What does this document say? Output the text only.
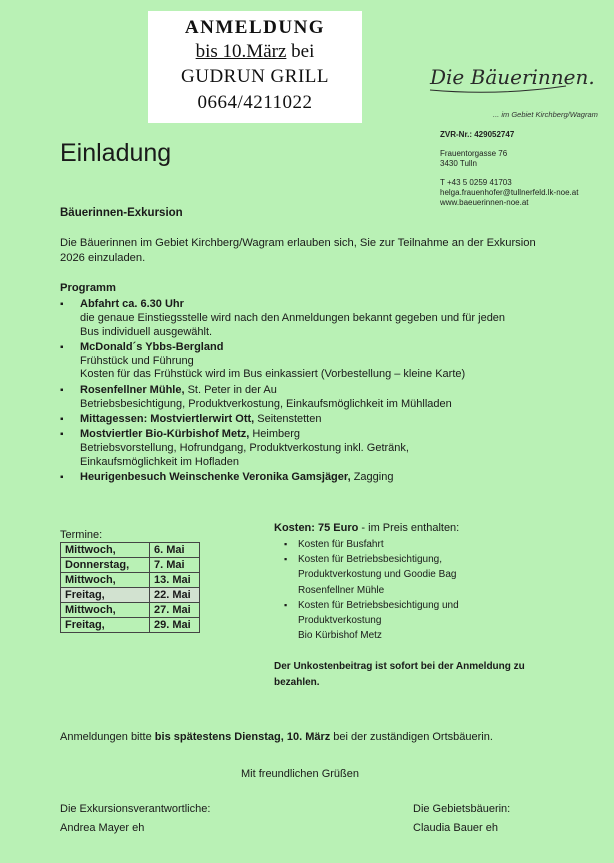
ANMELDUNG
bis 10.März bei
GUDRUN GRILL
0664/4211022
Die Bäuerinnen.
... im Gebiet Kirchberg/Wagram
Einladung
ZVR-Nr.: 429052747
Frauentorgasse 76
3430 Tulln
T +43 5 0259 41703
helga.frauenhofer@tullnerfeld.lk-noe.at
www.baeuerinnen-noe.at
Bäuerinnen-Exkursion
Die Bäuerinnen im Gebiet Kirchberg/Wagram erlauben sich, Sie zur Teilnahme an der Exkursion 2026 einzuladen.
Programm
▪ Abfahrt ca. 6.30 Uhr
die genaue Einstiegsstelle wird nach den Anmeldungen bekannt gegeben und für jeden
Bus individuell ausgewählt.
▪ McDonald´s Ybbs-Bergland
Frühstück und Führung
Kosten für das Frühstück wird im Bus einkassiert (Vorbestellung – kleine Karte)
▪ Rosenfellner Mühle, St. Peter in der Au
Betriebsbesichtigung, Produktverkostung, Einkaufsmöglichkeit im Mühlladen
▪ Mittagessen: Mostviertlerwirt Ott, Seitenstetten
▪ Mostviertler Bio-Kürbishof Metz, Heimberg
Betriebsvorstellung, Hofrundgang, Produktverkostung inkl. Getränk,
Einkaufsmöglichkeit im Hofladen
▪ Heurigenbesuch Weinschenke Veronika Gamsjäger, Zagging
Termine:
Mittwoch,	6. Mai
Donnerstag,	7. Mai
Mittwoch,	13. Mai
Freitag,	22. Mai
Mittwoch,	27. Mai
Freitag,	29. Mai
Kosten: 75 Euro - im Preis enthalten:
▪ Kosten für Busfahrt
▪ Kosten für Betriebsbesichtigung,
Produktverkostung und Goodie Bag
Rosenfellner Mühle
▪ Kosten für Betriebsbesichtigung und
Produktverkostung
Bio Kürbishof Metz
Der Unkostenbeitrag ist sofort bei der Anmeldung zu bezahlen.
Anmeldungen bitte bis spätestens Dienstag, 10. März bei der zuständigen Ortsbäuerin.
Mit freundlichen Grüßen
Die Exkursionsverantwortliche:
Andrea Mayer eh
Die Gebietsbäuerin:
Claudia Bauer eh
